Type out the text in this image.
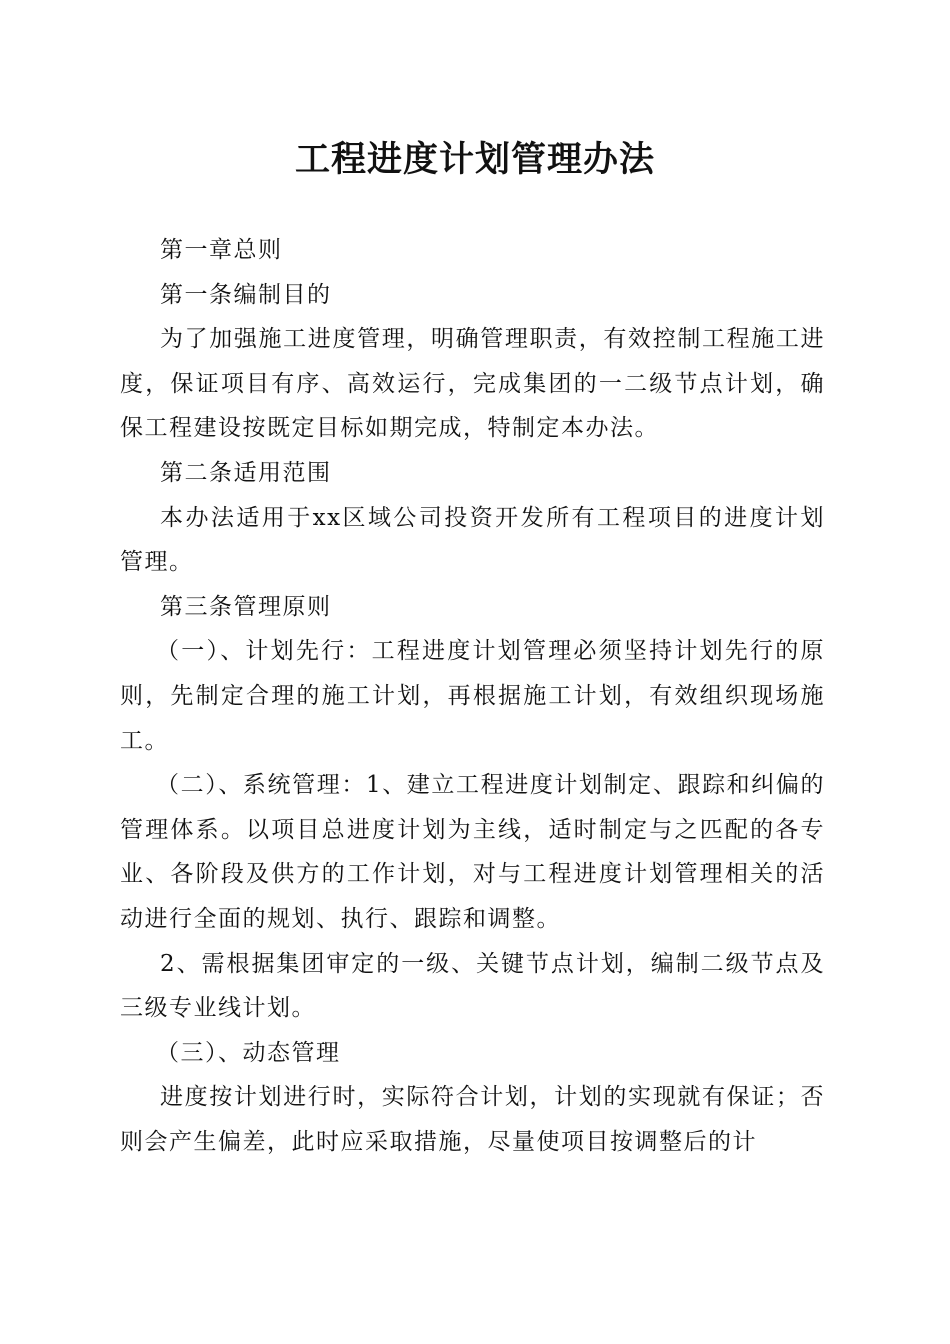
工程进度计划管理办法

第一章总则

第一条编制目的

为了加强施工进度管理，明确管理职责，有效控制工程施工进度，保证项目有序、高效运行，完成集团的一二级节点计划，确保工程建设按既定目标如期完成，特制定本办法。

第二条适用范围

本办法适用于xx区域公司投资开发所有工程项目的进度计划管理。

第三条管理原则

（一）、计划先行：工程进度计划管理必须坚持计划先行的原则，先制定合理的施工计划，再根据施工计划，有效组织现场施工。

（二）、系统管理：1、建立工程进度计划制定、跟踪和纠偏的管理体系。以项目总进度计划为主线，适时制定与之匹配的各专业、各阶段及供方的工作计划，对与工程进度计划管理相关的活动进行全面的规划、执行、跟踪和调整。

2、需根据集团审定的一级、关键节点计划，编制二级节点及三级专业线计划。

（三）、动态管理

进度按计划进行时，实际符合计划，计划的实现就有保证；否则会产生偏差，此时应采取措施，尽量使项目按调整后的计
